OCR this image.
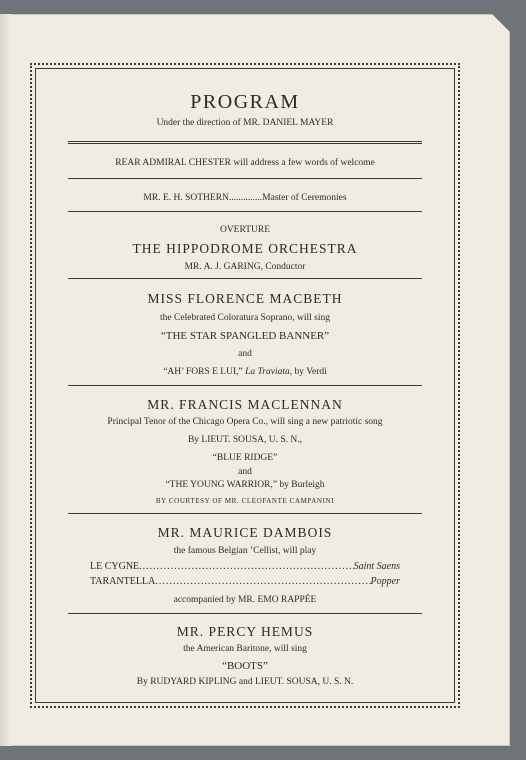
PROGRAM
Under the direction of MR. DANIEL MAYER
REAR ADMIRAL CHESTER will address a few words of welcome
MR. E. H. SOTHERN..............Master of Ceremonies
OVERTURE
THE HIPPODROME ORCHESTRA
MR. A. J. GARING, Conductor
MISS FLORENCE MACBETH
the Celebrated Coloratura Soprano, will sing
“THE STAR SPANGLED BANNER”
and
“AH’ FORS E LUI,” La Traviata, by Verdi
MR. FRANCIS MACLENNAN
Principal Tenor of the Chicago Opera Co., will sing a new patriotic song
By LIEUT. SOUSA, U. S. N.,
“BLUE RIDGE”
and
“THE YOUNG WARRIOR,” by Burleigh
BY COURTESY OF MR. CLEOFANTE CAMPANINI
MR. MAURICE DAMBOIS
the famous Belgian ’Cellist, will play
LE CYGNE .....	Saint Saens
TARANTELLA .....	Popper
accompanied by MR. EMO RAPPÉE
MR. PERCY HEMUS
the American Baritone, will sing
“BOOTS”
By RUDYARD KIPLING and LIEUT. SOUSA, U. S. N.
